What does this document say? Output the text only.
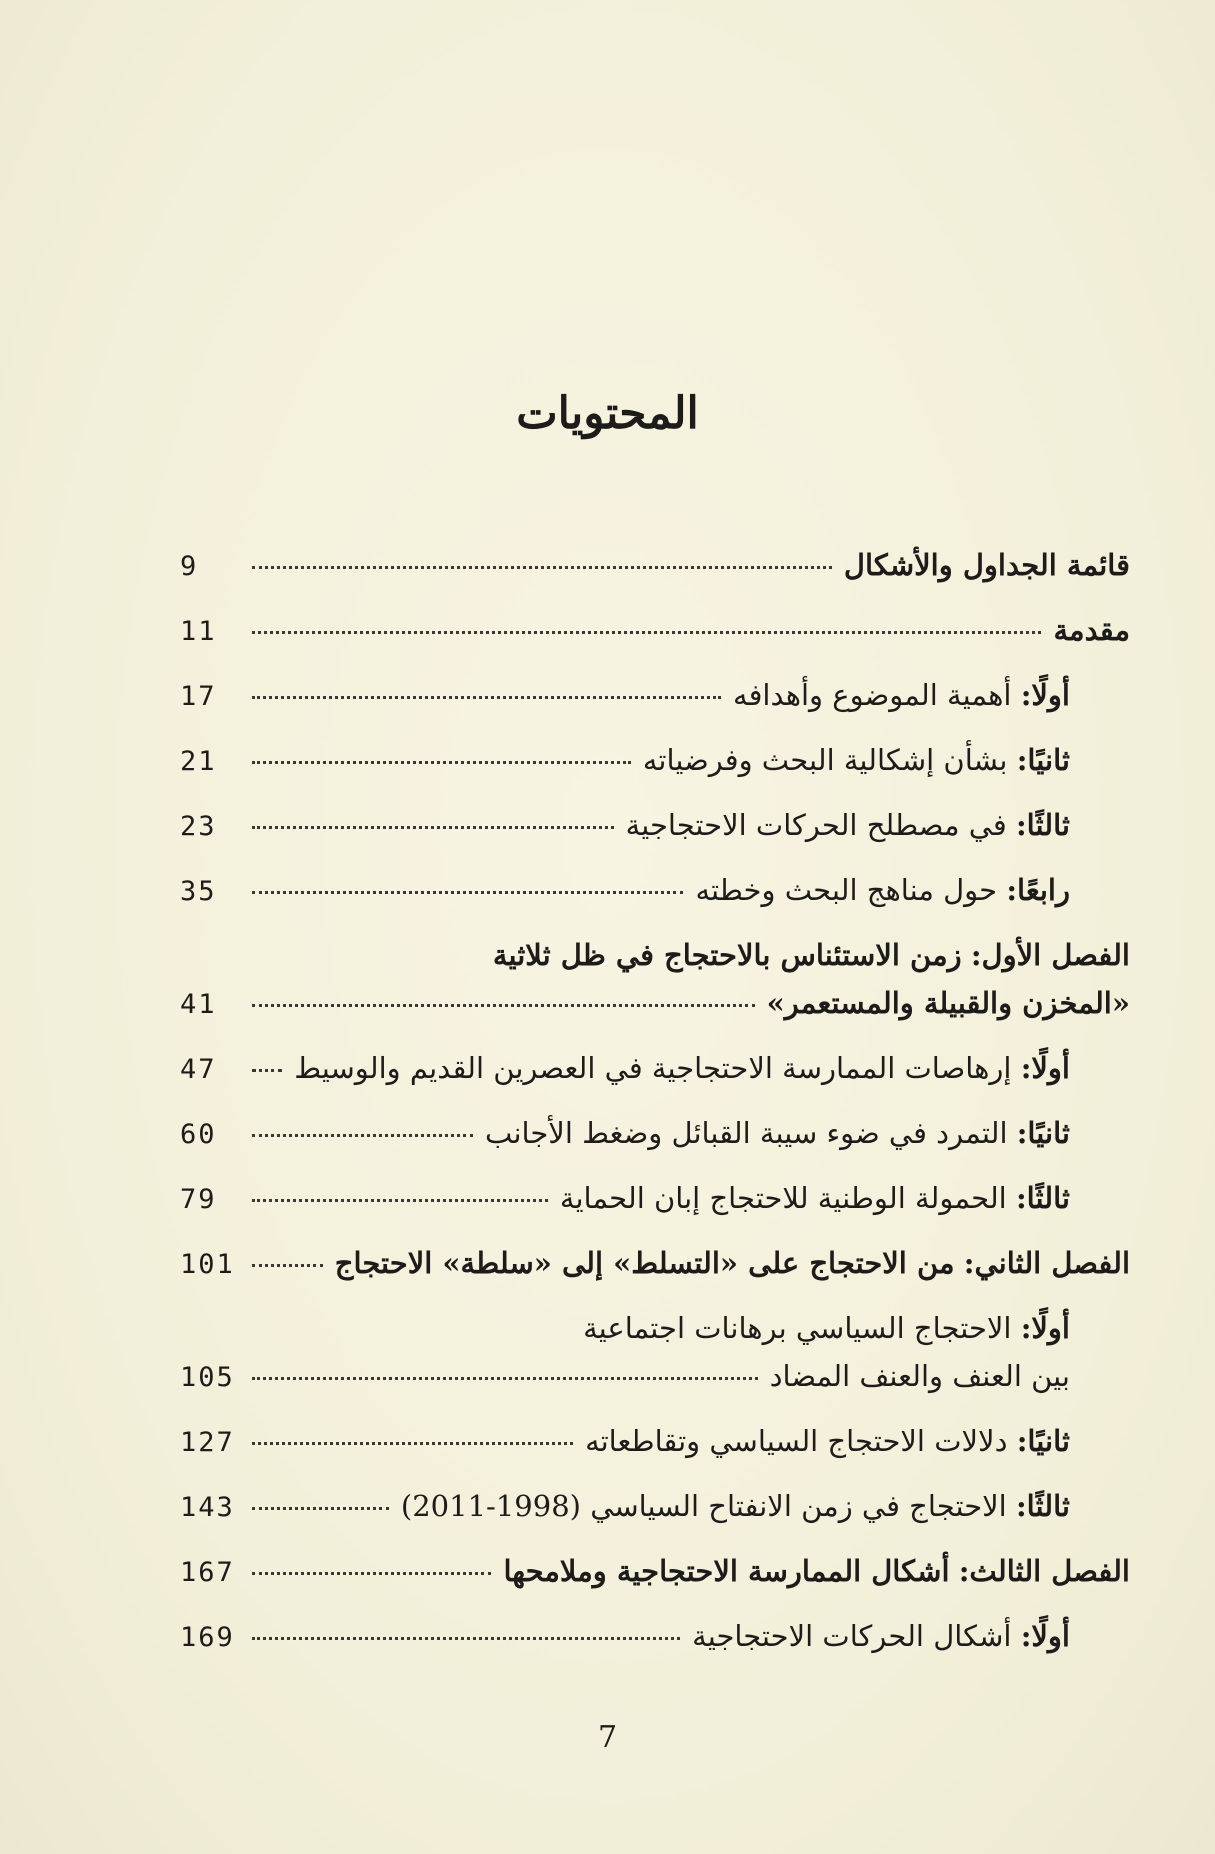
المحتويات
قائمة الجداول والأشكال
9
مقدمة
11
أولًا: أهمية الموضوع وأهدافه
17
ثانيًا: بشأن إشكالية البحث وفرضياته
21
ثالثًا: في مصطلح الحركات الاحتجاجية
23
رابعًا: حول مناهج البحث وخطته
35
الفصل الأول: زمن الاستئناس بالاحتجاج في ظل ثلاثية
«المخزن والقبيلة والمستعمر»
41
أولًا: إرهاصات الممارسة الاحتجاجية في العصرين القديم والوسيط
47
ثانيًا: التمرد في ضوء سيبة القبائل وضغط الأجانب
60
ثالثًا: الحمولة الوطنية للاحتجاج إبان الحماية
79
الفصل الثاني: من الاحتجاج على «التسلط» إلى «سلطة» الاحتجاج
101
أولًا: الاحتجاج السياسي برهانات اجتماعية
بين العنف والعنف المضاد
105
ثانيًا: دلالات الاحتجاج السياسي وتقاطعاته
127
ثالثًا: الاحتجاج في زمن الانفتاح السياسي (1998-2011)
143
الفصل الثالث: أشكال الممارسة الاحتجاجية وملامحها
167
أولًا: أشكال الحركات الاحتجاجية
169
7
